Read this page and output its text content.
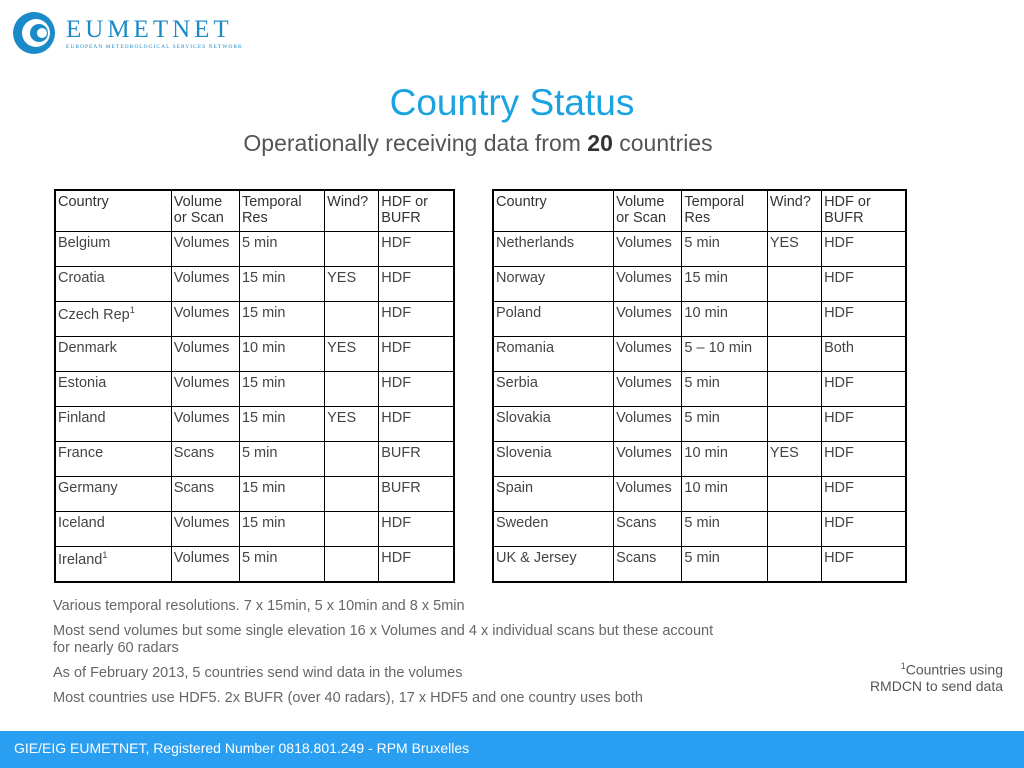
EUMETNET
EUROPEAN METEOROLOGICAL SERVICES NETWORK
Country Status
Operationally receiving data from 20 countries
Country	Volume or Scan	Temporal Res	Wind?	HDF or BUFR
Belgium	Volumes	5 min		HDF
Croatia	Volumes	15 min	YES	HDF
Czech Rep$^1$	Volumes	15 min		HDF
Denmark	Volumes	10 min	YES	HDF
Estonia	Volumes	15 min		HDF
Finland	Volumes	15 min	YES	HDF
France	Scans	5 min		BUFR
Germany	Scans	15 min		BUFR
Iceland	Volumes	15 min		HDF
Ireland$^1$	Volumes	5 min		HDF
Country	Volume or Scan	Temporal Res	Wind?	HDF or BUFR
Netherlands	Volumes	5 min	YES	HDF
Norway	Volumes	15 min		HDF
Poland	Volumes	10 min		HDF
Romania	Volumes	5 – 10 min		Both
Serbia	Volumes	5 min		HDF
Slovakia	Volumes	5 min		HDF
Slovenia	Volumes	10 min	YES	HDF
Spain	Volumes	10 min		HDF
Sweden	Scans	5 min		HDF
UK & Jersey	Scans	5 min		HDF

Various temporal resolutions. 7 x 15min, 5 x 10min and 8 x 5min

Most send volumes but some single elevation 16 x Volumes and 4 x individual scans but these account for nearly 60 radars

As of February 2013, 5 countries send wind data in the volumes

Most countries use HDF5. 2x BUFR (over 40 radars), 17 x HDF5 and one country uses both

$^1$Countries using RMDCN to send data
GIE/EIG EUMETNET, Registered Number 0818.801.249 - RPM Bruxelles
